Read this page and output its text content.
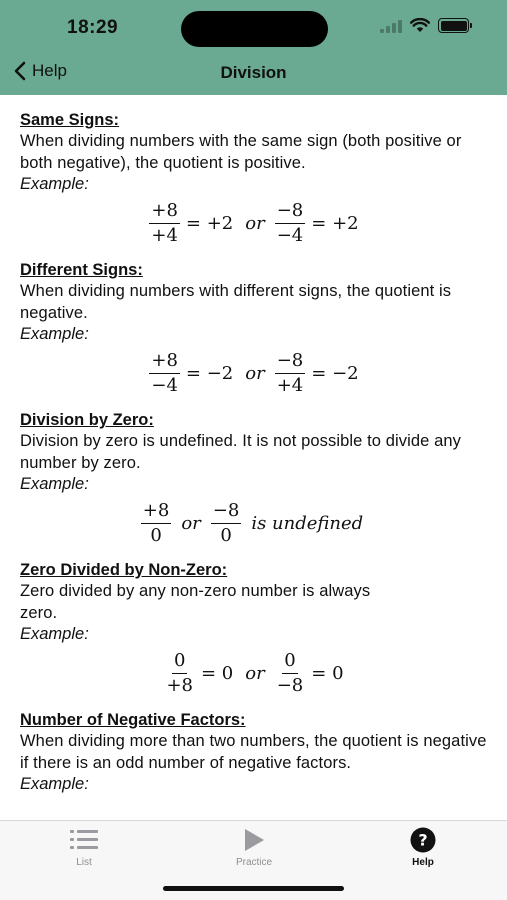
18:29
Help	Division
Same Signs:

When dividing numbers with the same sign (both positive or both negative), the quotient is positive.

Example:
$\frac{+8}{+4} = +2$ or $\frac{-8}{-4} = +2$
Different Signs:

When dividing numbers with different signs, the quotient is negative.

Example:
$\frac{+8}{-4} = -2$ or $\frac{-8}{+4} = -2$
Division by Zero:

Division by zero is undefined. It is not possible to divide any number by zero.

Example:
$\frac{+8}{0}$ or $\frac{-8}{0}$ is undefined
Zero Divided by Non-Zero:

Zero divided by any non-zero number is always zero.

Example:
$\frac{0}{+8} = 0$ or $\frac{0}{-8} = 0$
Number of Negative Factors:

When dividing more than two numbers, the quotient is negative if there is an odd number of negative factors.

Example:
List	Practice
?
Help
